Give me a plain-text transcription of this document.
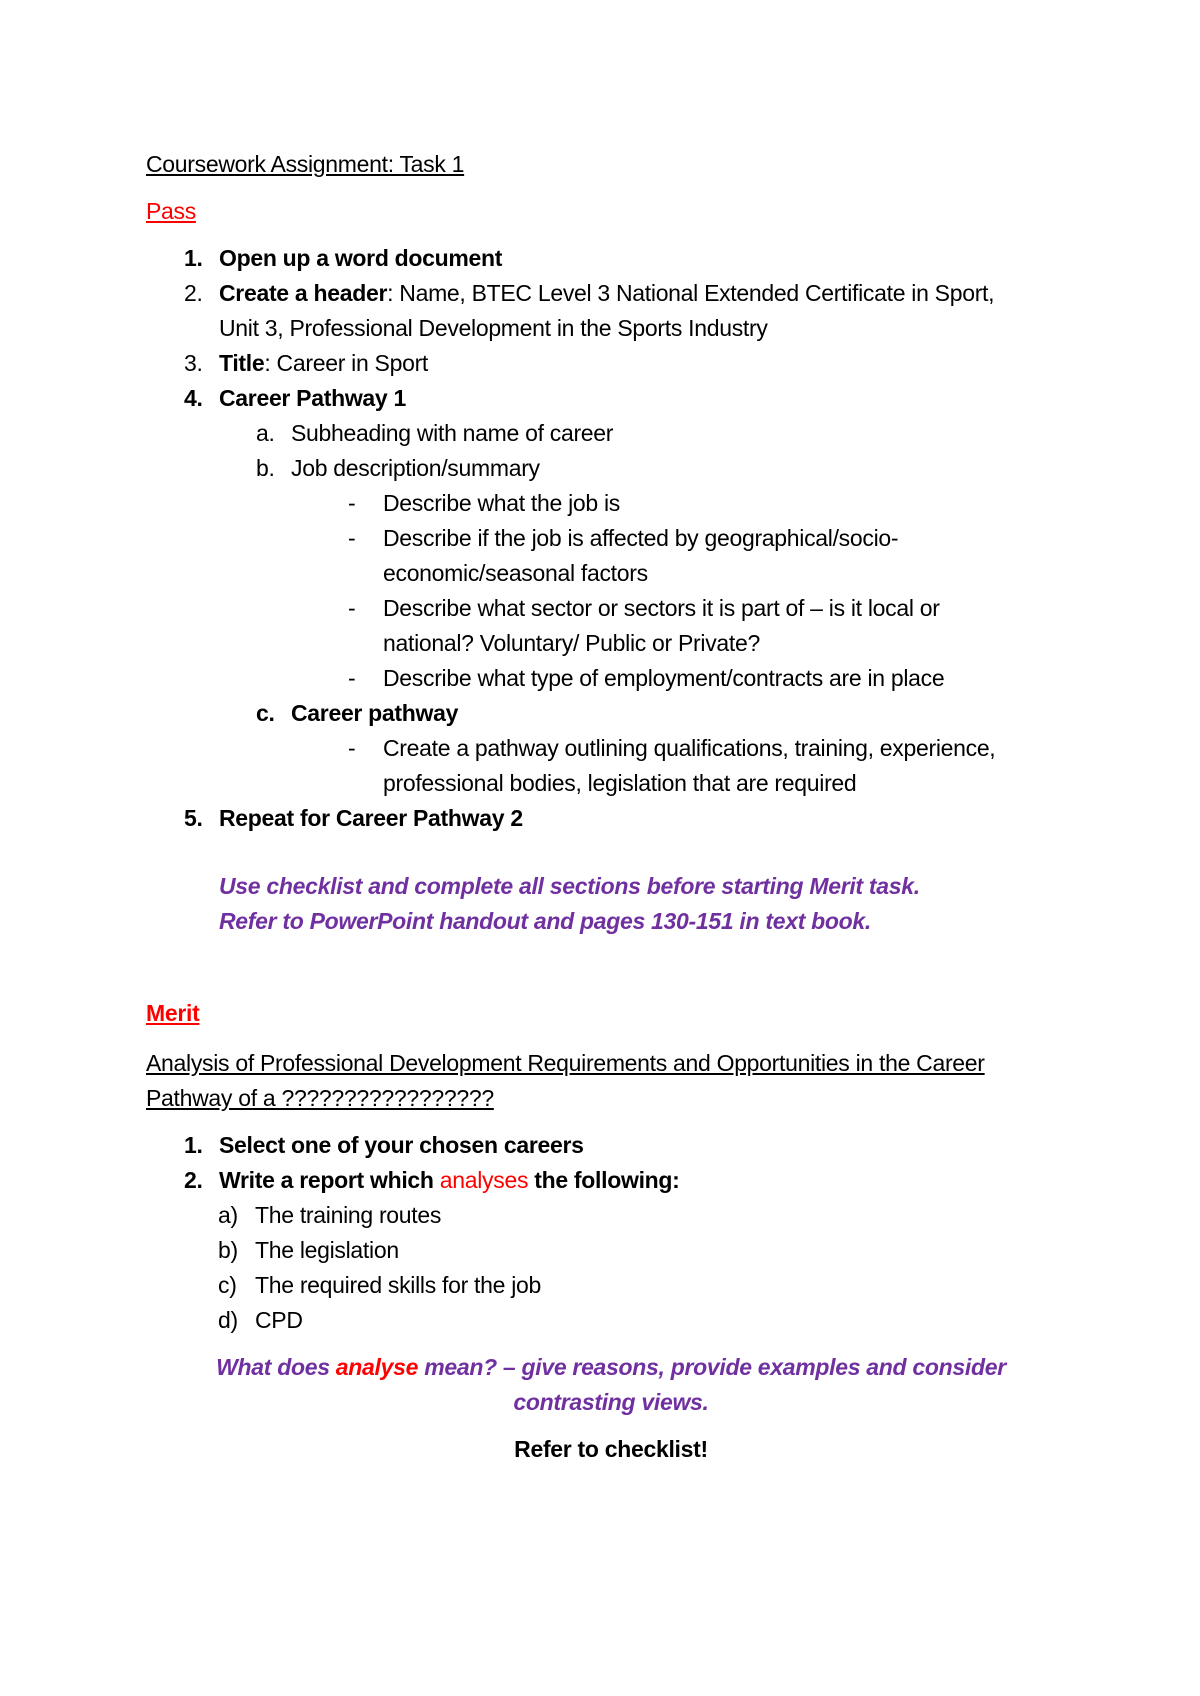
Coursework Assignment: Task 1
Pass
1. Open up a word document
2. Create a header: Name, BTEC Level 3 National Extended Certificate in Sport,
Unit 3, Professional Development in the Sports Industry
3. Title: Career in Sport
4. Career Pathway 1
a. Subheading with name of career
b. Job description/summary
- Describe what the job is
- Describe if the job is affected by geographical/socio-
economic/seasonal factors
- Describe what sector or sectors it is part of – is it local or
national? Voluntary/ Public or Private?
- Describe what type of employment/contracts are in place
c. Career pathway
- Create a pathway outlining qualifications, training, experience,
professional bodies, legislation that are required
5. Repeat for Career Pathway 2
Use checklist and complete all sections before starting Merit task.
Refer to PowerPoint handout and pages 130-151 in text book.
Merit
Analysis of Professional Development Requirements and Opportunities in the Career
Pathway of a ?????????????????
1. Select one of your chosen careers
2. Write a report which analyses the following:
a) The training routes
b) The legislation
c) The required skills for the job
d) CPD
What does analyse mean? – give reasons, provide examples and consider
contrasting views.
Refer to checklist!
